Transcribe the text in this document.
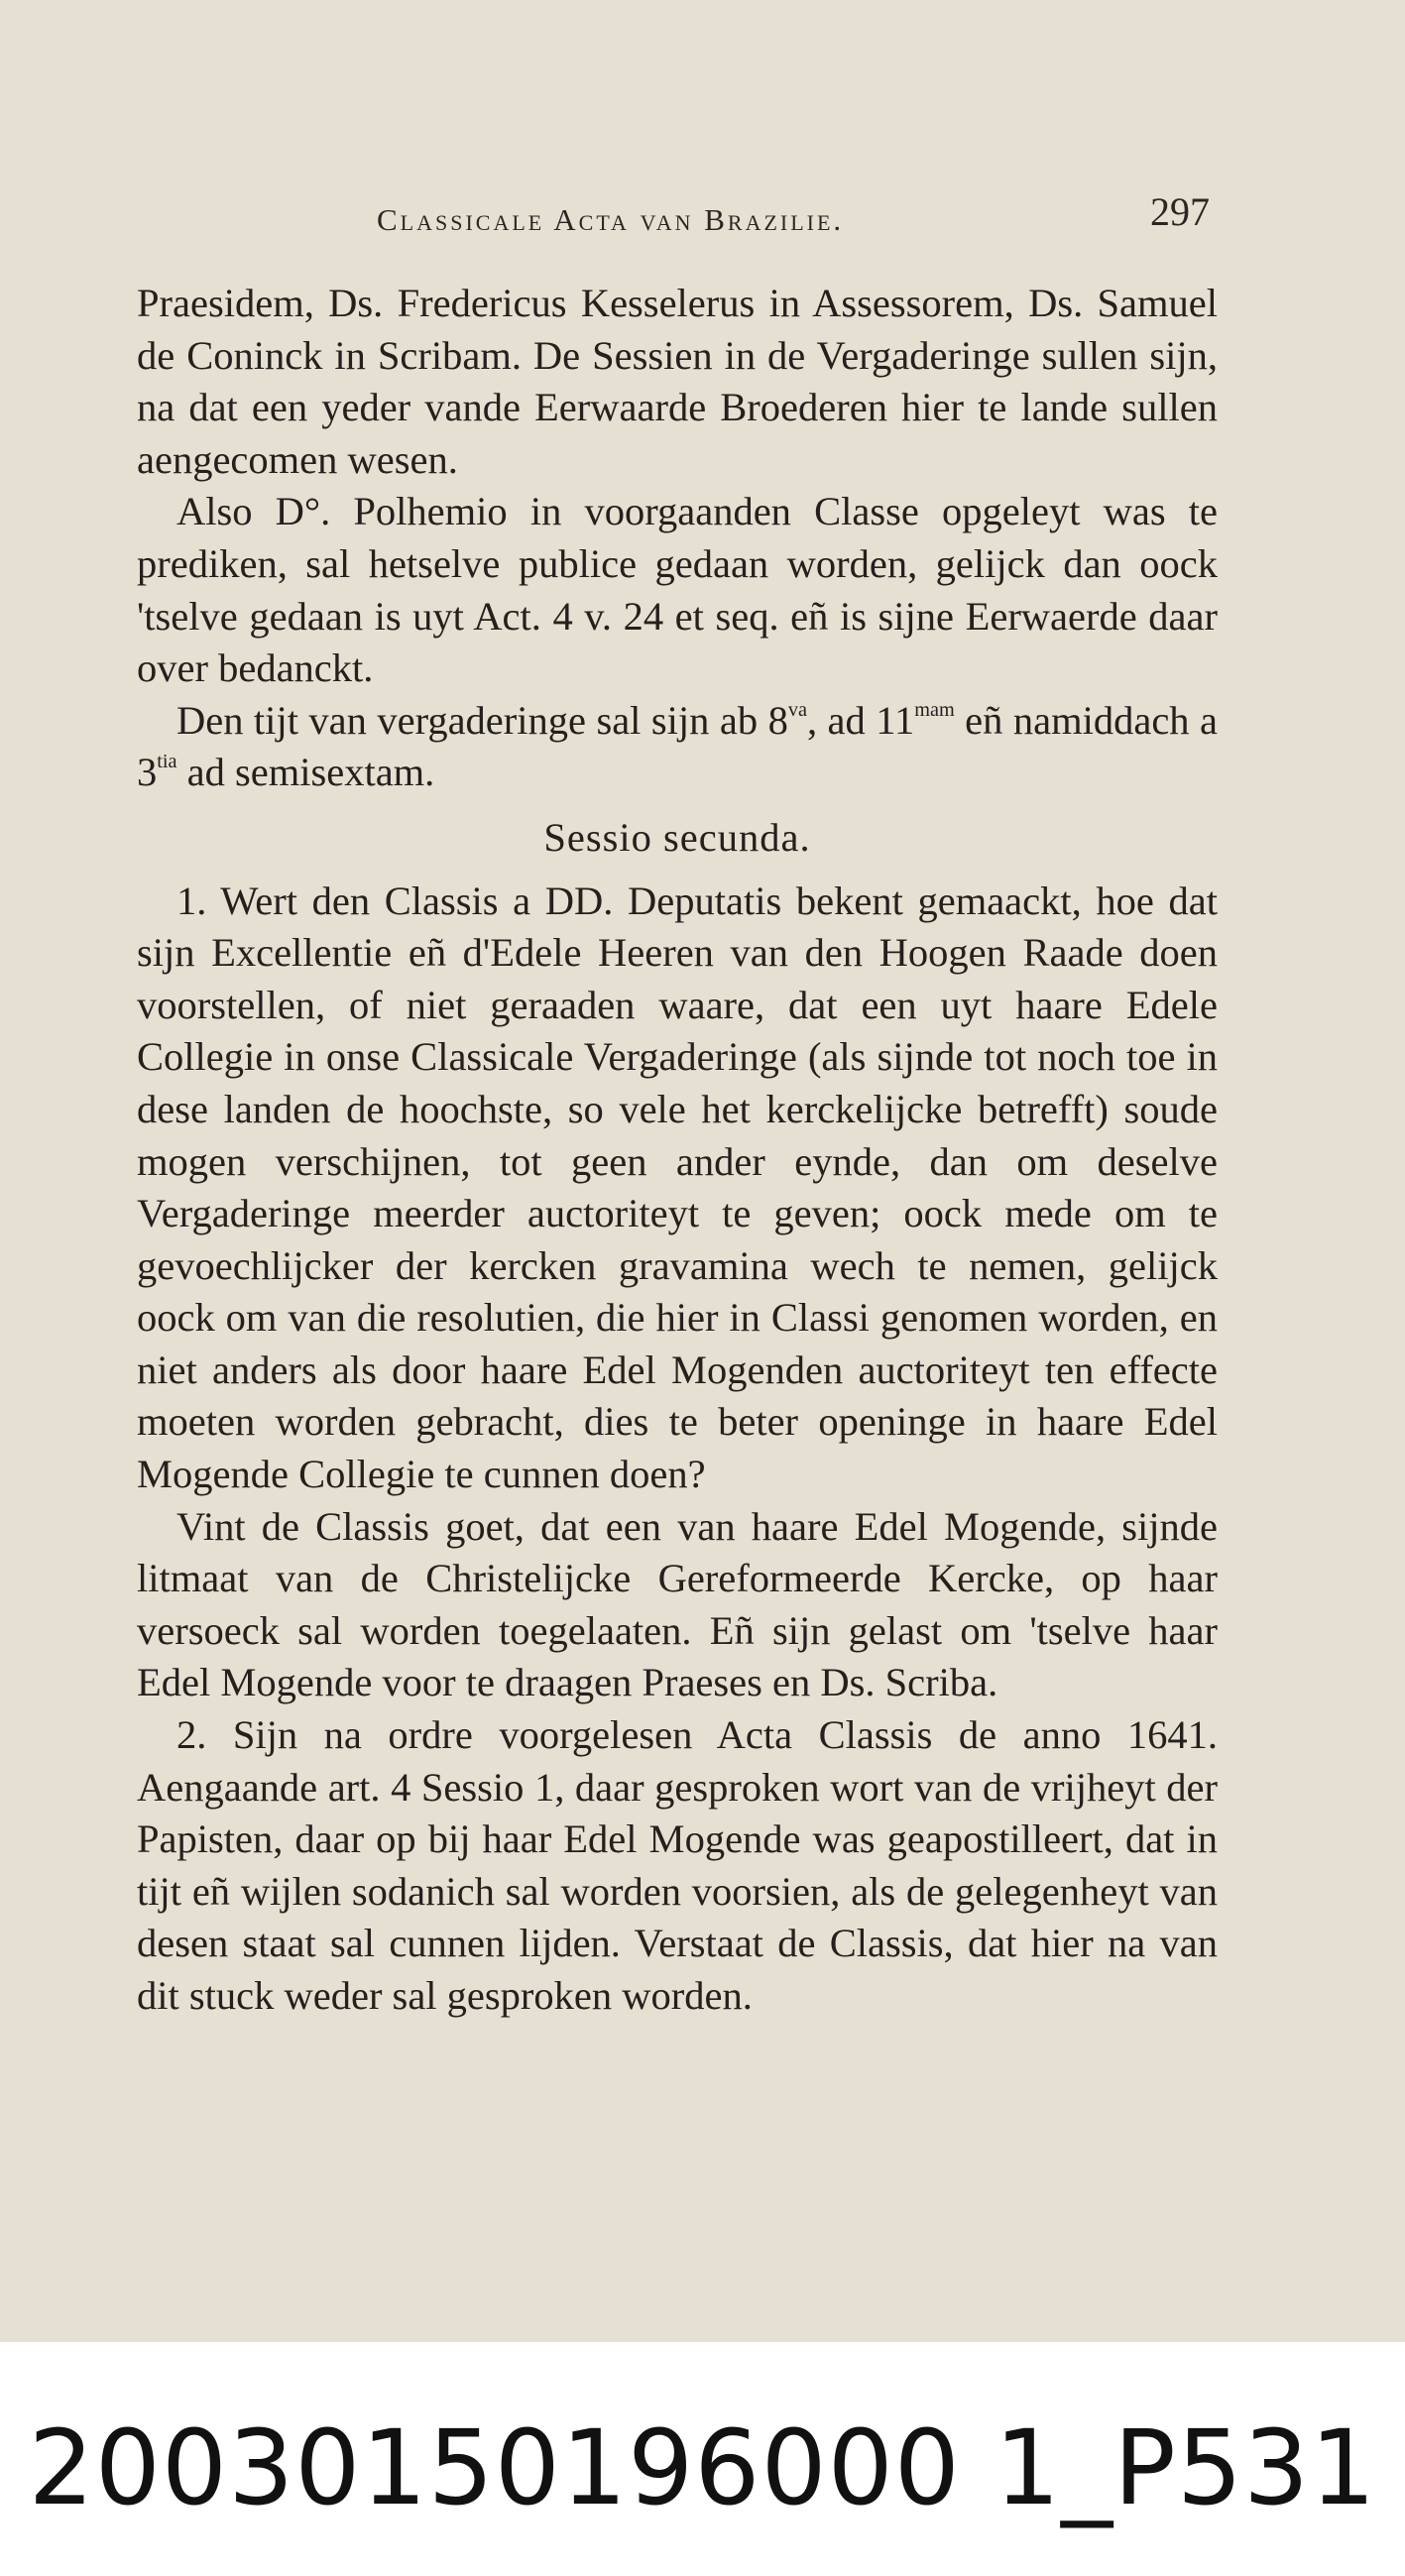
Classicale Acta van Brazilie.	297

Praesidem, Ds. Fredericus Kesselerus in Assessorem, Ds. Samuel de Coninck in Scribam. De Sessien in de Vergaderinge sullen sijn, na dat een yeder vande Eerwaarde Broederen hier te lande sullen aengecomen wesen.

Also D°. Polhemio in voorgaanden Classe opgeleyt was te prediken, sal hetselve publice gedaan worden, gelijck dan oock 'tselve gedaan is uyt Act. 4 v. 24 et seq. eñ is sijne Eerwaerde daar over bedanckt.

Den tijt van vergaderinge sal sijn ab $8^{va}$, ad $11^{mam}$ eñ namiddach a $3^{tia}$ ad semisextam.

Sessio secunda.

1. Wert den Classis a DD. Deputatis bekent gemaackt, hoe dat sijn Excellentie eñ d'Edele Heeren van den Hoogen Raade doen voorstellen, of niet geraaden waare, dat een uyt haare Edele Collegie in onse Classicale Vergaderinge (als sijnde tot noch toe in dese landen de hoochste, so vele het kerckelijcke betrefft) soude mogen verschijnen, tot geen ander eynde, dan om deselve Vergaderinge meerder auctoriteyt te geven; oock mede om te gevoechlijcker der kercken gravamina wech te nemen, gelijck oock om van die resolutien, die hier in Classi genomen worden, en niet anders als door haare Edel Mogenden auctoriteyt ten effecte moeten worden gebracht, dies te beter openinge in haare Edel Mogende Collegie te cunnen doen?

Vint de Classis goet, dat een van haare Edel Mogende, sijnde litmaat van de Christelijcke Gereformeerde Kercke, op haar versoeck sal worden toegelaaten. Eñ sijn gelast om 'tselve haar Edel Mogende voor te draagen Praeses en Ds. Scriba.

2. Sijn na ordre voorgelesen Acta Classis de anno 1641. Aengaande art. 4 Sessio 1, daar gesproken wort van de vrijheyt der Papisten, daar op bij haar Edel Mogende was geapostilleert, dat in tijt eñ wijlen sodanich sal worden voorsien, als de gelegenheyt van desen staat sal cunnen lijden. Verstaat de Classis, dat hier na van dit stuck weder sal gesproken worden.

20030150196000 1_P531
